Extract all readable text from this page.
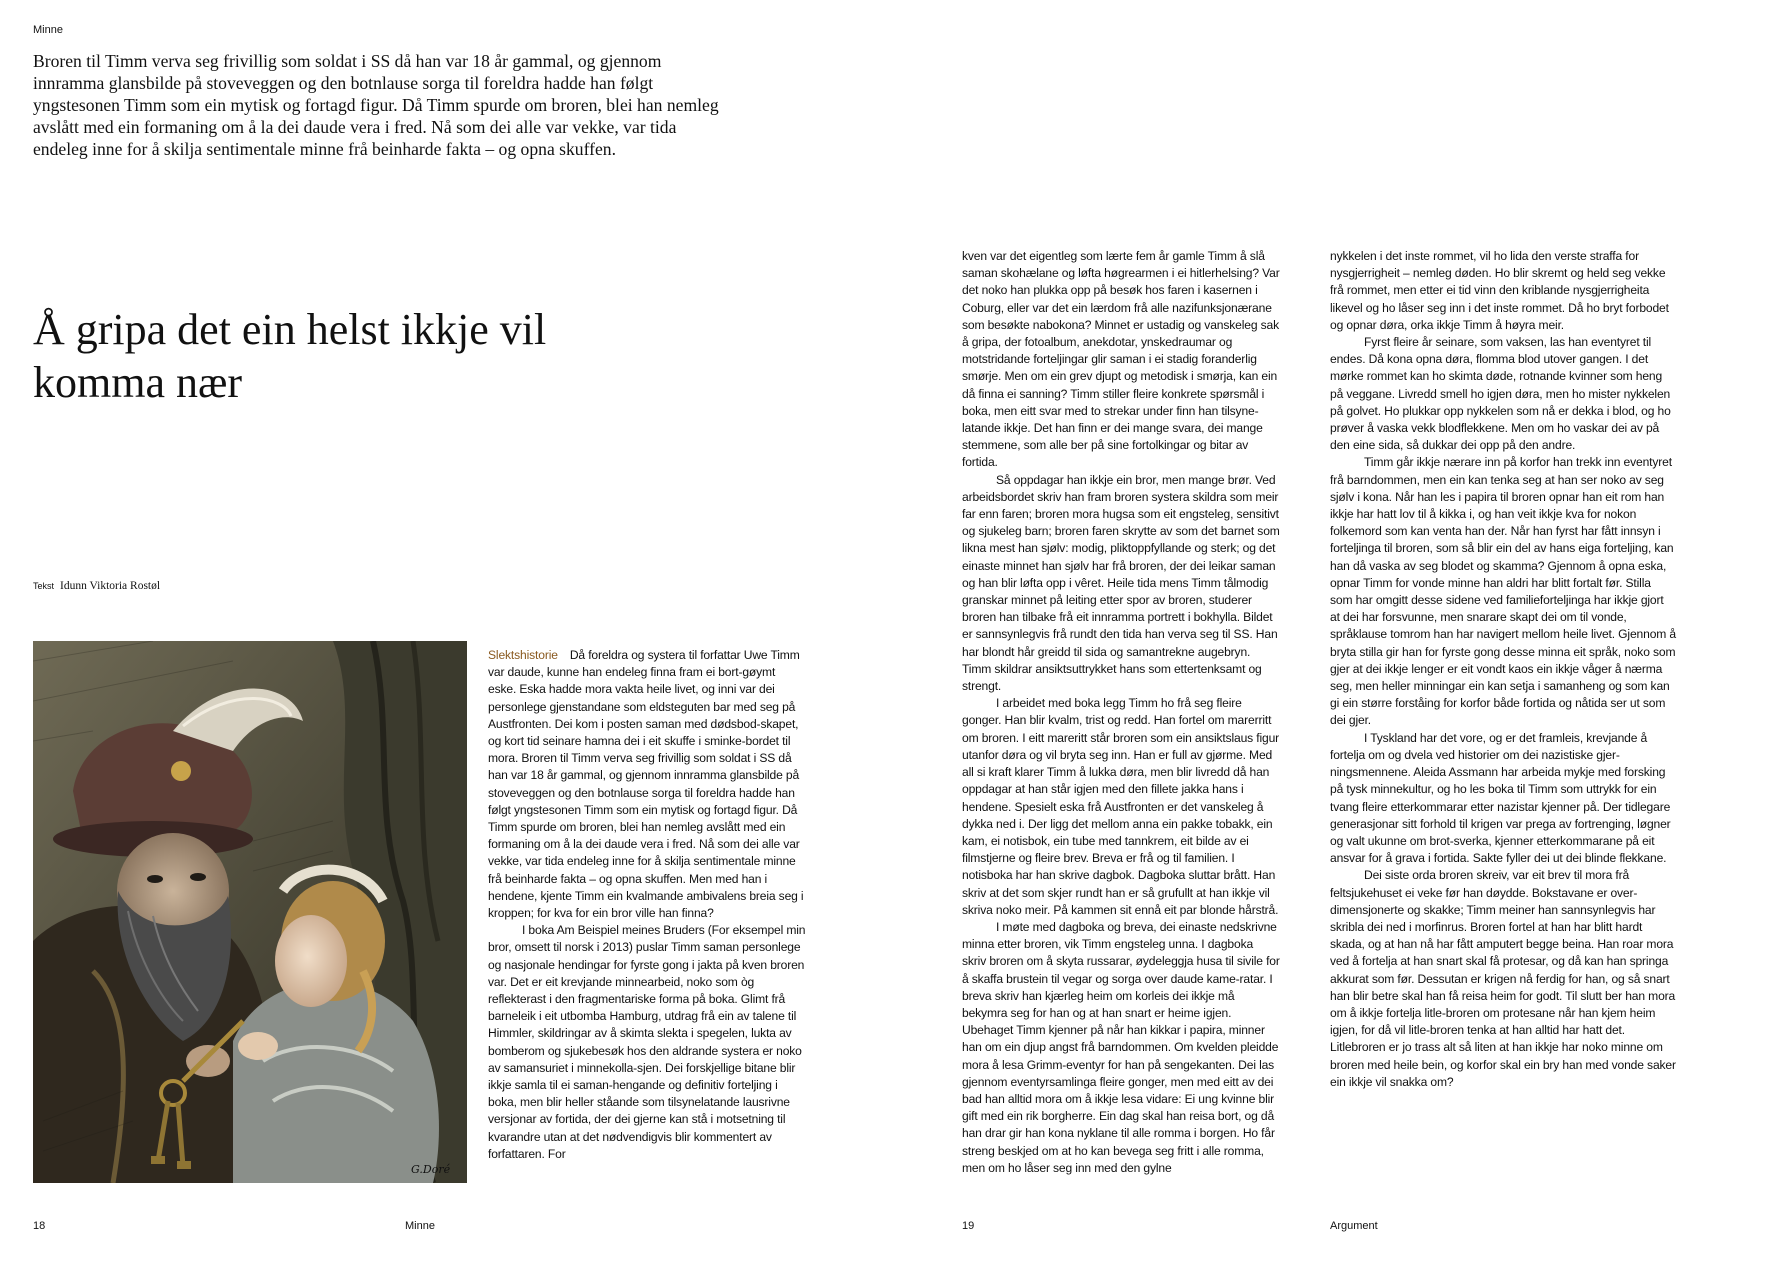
Minne

Broren til Timm verva seg frivillig som soldat i SS då han var 18 år gammal, og gjennom innramma glansbilde på stoveveggen og den botnlause sorga til foreldra hadde han følgt yngstesonen Timm som ein mytisk og fortagd figur. Då Timm spurde om broren, blei han nemleg avslått med ein formaning om å la dei daude vera i fred. Nå som dei alle var vekke, var tida endeleg inne for å skilja sentimentale minne frå beinharde fakta – og opna skuffen.

Å gripa det ein helst ikkje vil komma nær
Tekst Idunn Viktoria Rostøl
G.Doré

Slektshistorie Då foreldra og systera til forfattar Uwe Timm var daude, kunne han endeleg finna fram ei bort-gøymt eske. Eska hadde mora vakta heile livet, og inni var dei personlege gjenstandane som eldsteguten bar med seg på Austfronten. Dei kom i posten saman med dødsbod-skapet, og kort tid seinare hamna dei i eit skuffe i sminke-bordet til mora. Broren til Timm verva seg frivillig som soldat i SS då han var 18 år gammal, og gjennom innramma glansbilde på stoveveggen og den botnlause sorga til foreldra hadde han følgt yngstesonen Timm som ein mytisk og fortagd figur. Då Timm spurde om broren, blei han nemleg avslått med ein formaning om å la dei daude vera i fred. Nå som dei alle var vekke, var tida endeleg inne for å skilja sentimentale minne frå beinharde fakta – og opna skuffen. Men med han i hendene, kjente Timm ein kvalmande ambivalens breia seg i kroppen; for kva for ein bror ville han finna?

I boka Am Beispiel meines Bruders (For eksempel min bror, omsett til norsk i 2013) puslar Timm saman personlege og nasjonale hendingar for fyrste gong i jakta på kven broren var. Det er eit krevjande minnearbeid, noko som òg reflekterast i den fragmentariske forma på boka. Glimt frå barneleik i eit utbomba Hamburg, utdrag frå ein av talene til Himmler, skildringar av å skimta slekta i spegelen, lukta av bomberom og sjukebesøk hos den aldrande systera er noko av samansuriet i minnekolla-sjen. Dei forskjellige bitane blir ikkje samla til ei saman-hengande og definitiv forteljing i boka, men blir heller ståande som tilsynelatande lausrivne versjonar av fortida, der dei gjerne kan stå i motsetning til kvarandre utan at det nødvendigvis blir kommentert av forfattaren. For

kven var det eigentleg som lærte fem år gamle Timm å slå saman skohælane og løfta høgrearmen i ei hitlerhelsing? Var det noko han plukka opp på besøk hos faren i kasernen i Coburg, eller var det ein lærdom frå alle nazifunksjonærane som besøkte nabokona? Minnet er ustadig og vanskeleg sak å gripa, der fotoalbum, anekdotar, ynskedraumar og motstridande forteljingar glir saman i ei stadig foranderlig smørje. Men om ein grev djupt og metodisk i smørja, kan ein då finna ei sanning? Timm stiller fleire konkrete spørsmål i boka, men eitt svar med to strekar under finn han tilsyne-latande ikkje. Det han finn er dei mange svara, dei mange stemmene, som alle ber på sine fortolkingar og bitar av fortida.

Så oppdagar han ikkje ein bror, men mange brør. Ved arbeidsbordet skriv han fram broren systera skildra som meir far enn faren; broren mora hugsa som eit engsteleg, sensitivt og sjukeleg barn; broren faren skrytte av som det barnet som likna mest han sjølv: modig, pliktoppfyllande og sterk; og det einaste minnet han sjølv har frå broren, der dei leikar saman og han blir løfta opp i vêret. Heile tida mens Timm tålmodig granskar minnet på leiting etter spor av broren, studerer broren han tilbake frå eit innramma portrett i bokhylla. Bildet er sannsynlegvis frå rundt den tida han verva seg til SS. Han har blondt hår greidd til sida og samantrekne augebryn. Timm skildrar ansiktsuttrykket hans som ettertenksamt og strengt.

I arbeidet med boka legg Timm ho frå seg fleire gonger. Han blir kvalm, trist og redd. Han fortel om marerritt om broren. I eitt mareritt står broren som ein ansiktslaus figur utanfor døra og vil bryta seg inn. Han er full av gjørme. Med all si kraft klarer Timm å lukka døra, men blir livredd då han oppdagar at han står igjen med den fillete jakka hans i hendene. Spesielt eska frå Austfronten er det vanskeleg å dykka ned i. Der ligg det mellom anna ein pakke tobakk, ein kam, ei notisbok, ein tube med tannkrem, eit bilde av ei filmstjerne og fleire brev. Breva er frå og til familien. I notisboka har han skrive dagbok. Dagboka sluttar brått. Han skriv at det som skjer rundt han er så grufullt at han ikkje vil skriva noko meir. På kammen sit ennå eit par blonde hårstrå.

I møte med dagboka og breva, dei einaste nedskrivne minna etter broren, vik Timm engsteleg unna. I dagboka skriv broren om å skyta russarar, øydeleggja husa til sivile for å skaffa brustein til vegar og sorga over daude kame-ratar. I breva skriv han kjærleg heim om korleis dei ikkje må bekymra seg for han og at han snart er heime igjen. Ubehaget Timm kjenner på når han kikkar i papira, minner han om ein djup angst frå barndommen. Om kvelden pleidde mora å lesa Grimm-eventyr for han på sengekanten. Dei las gjennom eventyrsamlinga fleire gonger, men med eitt av dei bad han alltid mora om å ikkje lesa vidare: Ei ung kvinne blir gift med ein rik borgherre. Ein dag skal han reisa bort, og då han drar gir han kona nyklane til alle romma i borgen. Ho får streng beskjed om at ho kan bevega seg fritt i alle romma, men om ho låser seg inn med den gylne

nykkelen i det inste rommet, vil ho lida den verste straffa for nysgjerrigheit – nemleg døden. Ho blir skremt og held seg vekke frå rommet, men etter ei tid vinn den kriblande nysgjerrigheita likevel og ho låser seg inn i det inste rommet. Då ho bryt forbodet og opnar døra, orka ikkje Timm å høyra meir.

Fyrst fleire år seinare, som vaksen, las han eventyret til endes. Då kona opna døra, flomma blod utover gangen. I det mørke rommet kan ho skimta døde, rotnande kvinner som heng på veggane. Livredd smell ho igjen døra, men ho mister nykkelen på golvet. Ho plukkar opp nykkelen som nå er dekka i blod, og ho prøver å vaska vekk blodflekkene. Men om ho vaskar dei av på den eine sida, så dukkar dei opp på den andre.

Timm går ikkje nærare inn på korfor han trekk inn eventyret frå barndommen, men ein kan tenka seg at han ser noko av seg sjølv i kona. Når han les i papira til broren opnar han eit rom han ikkje har hatt lov til å kikka i, og han veit ikkje kva for nokon folkemord som kan venta han der. Når han fyrst har fått innsyn i forteljinga til broren, som så blir ein del av hans eiga forteljing, kan han då vaska av seg blodet og skamma? Gjennom å opna eska, opnar Timm for vonde minne han aldri har blitt fortalt før. Stilla som har omgitt desse sidene ved familieforteljinga har ikkje gjort at dei har forsvunne, men snarare skapt dei om til vonde, språklause tomrom han har navigert mellom heile livet. Gjennom å bryta stilla gir han for fyrste gong desse minna eit språk, noko som gjer at dei ikkje lenger er eit vondt kaos ein ikkje våger å nærma seg, men heller minningar ein kan setja i samanheng og som kan gi ein større forståing for korfor både fortida og nåtida ser ut som dei gjer.

I Tyskland har det vore, og er det framleis, krevjande å fortelja om og dvela ved historier om dei nazistiske gjer-ningsmennene. Aleida Assmann har arbeida mykje med forsking på tysk minnekultur, og ho les boka til Timm som uttrykk for ein tvang fleire etterkommarar etter nazistar kjenner på. Der tidlegare generasjonar sitt forhold til krigen var prega av fortrenging, løgner og valt ukunne om brot-sverka, kjenner etterkommarane på eit ansvar for å grava i fortida. Sakte fyller dei ut dei blinde flekkane.

Dei siste orda broren skreiv, var eit brev til mora frå feltsjukehuset ei veke før han døydde. Bokstavane er over-dimensjonerte og skakke; Timm meiner han sannsynlegvis har skribla dei ned i morfinrus. Broren fortel at han har blitt hardt skada, og at han nå har fått amputert begge beina. Han roar mora ved å fortelja at han snart skal få protesar, og då kan han springa akkurat som før. Dessutan er krigen nå ferdig for han, og så snart han blir betre skal han få reisa heim for godt. Til slutt ber han mora om å ikkje fortelja litle-broren om protesane når han kjem heim igjen, for då vil litle-broren tenka at han alltid har hatt det. Litlebroren er jo trass alt så liten at han ikkje har noko minne om broren med heile bein, og korfor skal ein bry han med vonde saker ein ikkje vil snakka om?

18	Minne	19	Argument
